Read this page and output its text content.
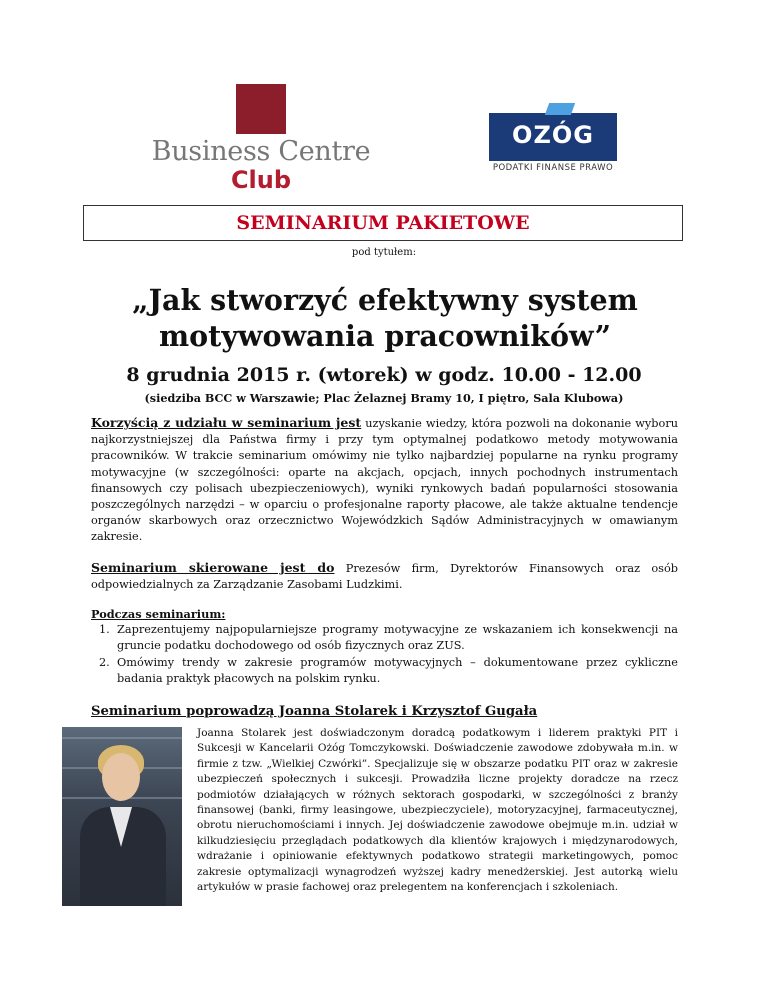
Business Centre
Club
OZÓG
PODATKI FINANSE PRAWO
SEMINARIUM PAKIETOWE
pod tytułem:
„Jak stworzyć efektywny system motywowania pracowników”
8 grudnia 2015 r. (wtorek) w godz. 10.00 - 12.00
(siedziba BCC w Warszawie; Plac Żelaznej Bramy 10, I piętro, Sala Klubowa)
Korzyścią z udziału w seminarium jest uzyskanie wiedzy, która pozwoli na dokonanie wyboru najkorzystniejszej dla Państwa firmy i przy tym optymalnej podatkowo metody motywowania pracowników. W trakcie seminarium omówimy nie tylko najbardziej popularne na rynku programy motywacyjne (w szczególności: oparte na akcjach, opcjach, innych pochodnych instrumentach finansowych czy polisach ubezpieczeniowych), wyniki rynkowych badań popularności stosowania poszczególnych narzędzi – w oparciu o profesjonalne raporty płacowe, ale także aktualne tendencje organów skarbowych oraz orzecznictwo Wojewódzkich Sądów Administracyjnych w omawianym zakresie.
Seminarium skierowane jest do Prezesów firm, Dyrektorów Finansowych oraz osób odpowiedzialnych za Zarządzanie Zasobami Ludzkimi.
Podczas seminarium:
1. Zaprezentujemy najpopularniejsze programy motywacyjne ze wskazaniem ich konsekwencji na gruncie podatku dochodowego od osób fizycznych oraz ZUS.
2. Omówimy trendy w zakresie programów motywacyjnych – dokumentowane przez cykliczne badania praktyk płacowych na polskim rynku.
Seminarium poprowadzą Joanna Stolarek i Krzysztof Gugała
Joanna Stolarek jest doświadczonym doradcą podatkowym i liderem praktyki PIT i Sukcesji w Kancelarii Ożóg Tomczykowski. Doświadczenie zawodowe zdobywała m.in. w firmie z tzw. „Wielkiej Czwórki”. Specjalizuje się w obszarze podatku PIT oraz w zakresie ubezpieczeń społecznych i sukcesji. Prowadziła liczne projekty doradcze na rzecz podmiotów działających w różnych sektorach gospodarki, w szczególności z branży finansowej (banki, firmy leasingowe, ubezpieczyciele), motoryzacyjnej, farmaceutycznej, obrotu nieruchomościami i innych. Jej doświadczenie zawodowe obejmuje m.in. udział w kilkudziesięciu przeglądach podatkowych dla klientów krajowych i międzynarodowych, wdrażanie i opiniowanie efektywnych podatkowo strategii marketingowych, pomoc zakresie optymalizacji wynagrodzeń wyższej kadry menedżerskiej. Jest autorką wielu artykułów w prasie fachowej oraz prelegentem na konferencjach i szkoleniach.
